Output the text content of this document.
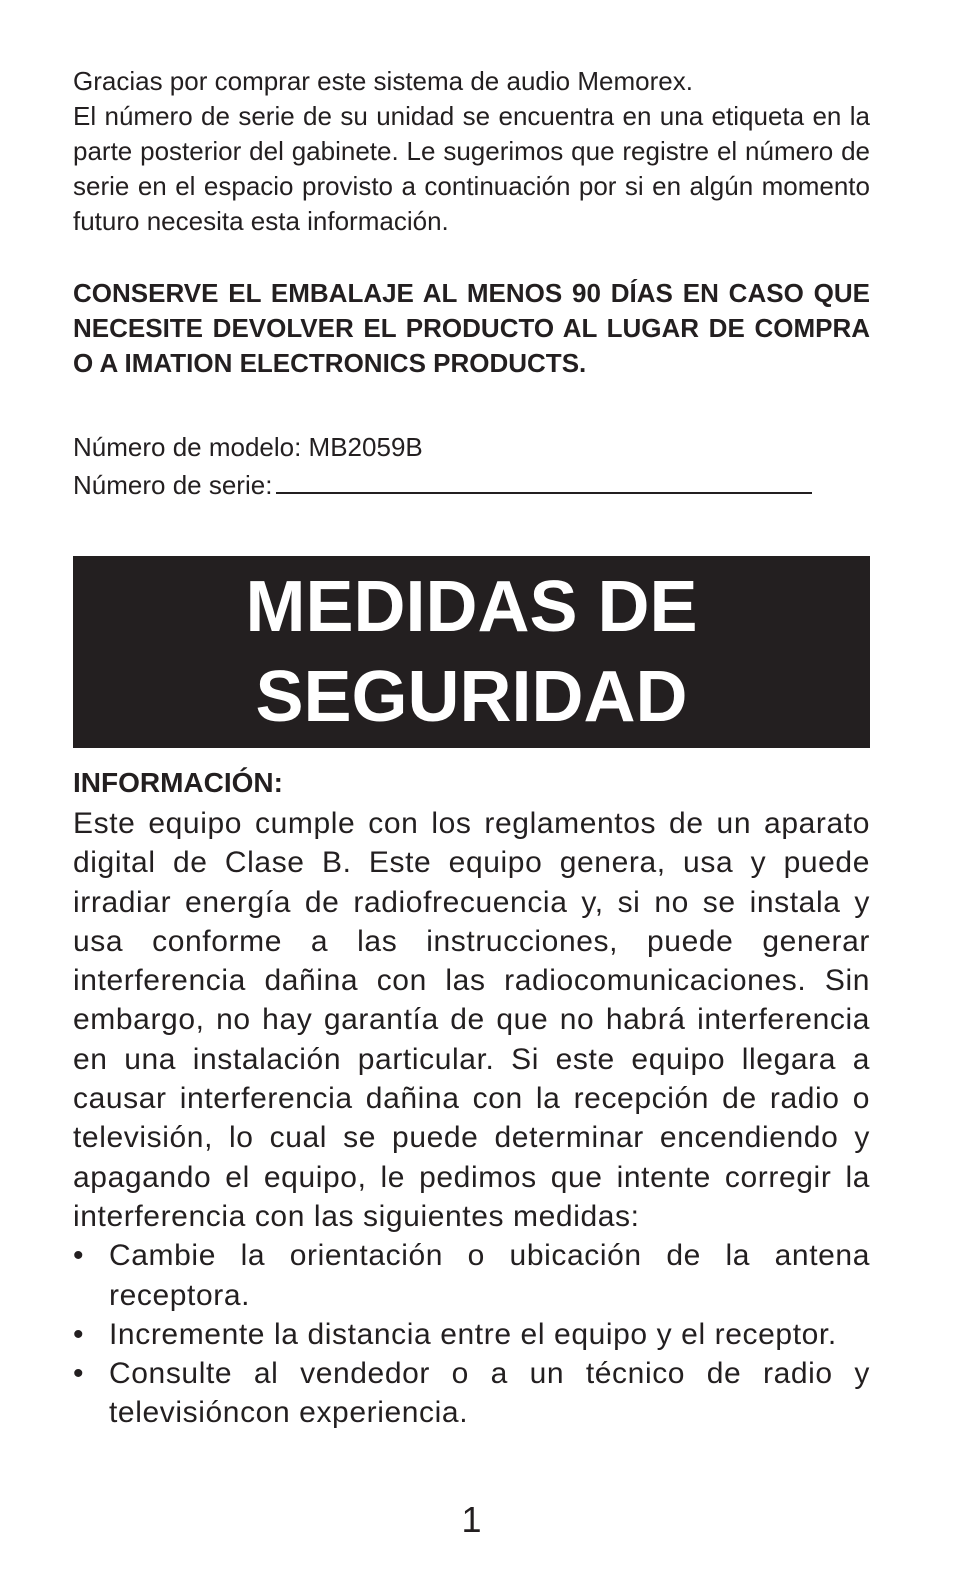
Gracias por comprar este sistema de audio Memorex.

El número de serie de su unidad se encuentra en una etiqueta en la parte posterior del gabinete. Le sugerimos que registre el número de serie en el espacio provisto a continuación por si en algún momento futuro necesita esta información.

CONSERVE EL EMBALAJE AL MENOS 90 DÍAS EN CASO QUE NECESITE DEVOLVER EL PRODUCTO AL LUGAR DE COMPRA O A IMATION ELECTRONICS PRODUCTS.
Número de modelo: MB2059B
Número de serie:
MEDIDAS DE
SEGURIDAD
INFORMACIÓN:

Este equipo cumple con los reglamentos de un aparato digital de Clase B. Este equipo genera, usa y puede irradiar energía de radiofrecuencia y, si no se instala y usa conforme a las instrucciones, puede generar interferencia dañina con las radiocomunicaciones. Sin embargo, no hay garantía de que no habrá interferencia en una instalación particular. Si este equipo llegara a causar interferencia dañina con la recepción de radio o televisión, lo cual se puede determinar encendiendo y apagando el equipo, le pedimos que intente corregir la interferencia con las siguientes medidas:

• Cambie la orientación o ubicación de la antena receptora.
• Incremente la distancia entre el equipo y el receptor.
• Consulte al vendedor o a un técnico de radio y televisióncon experiencia.
1
